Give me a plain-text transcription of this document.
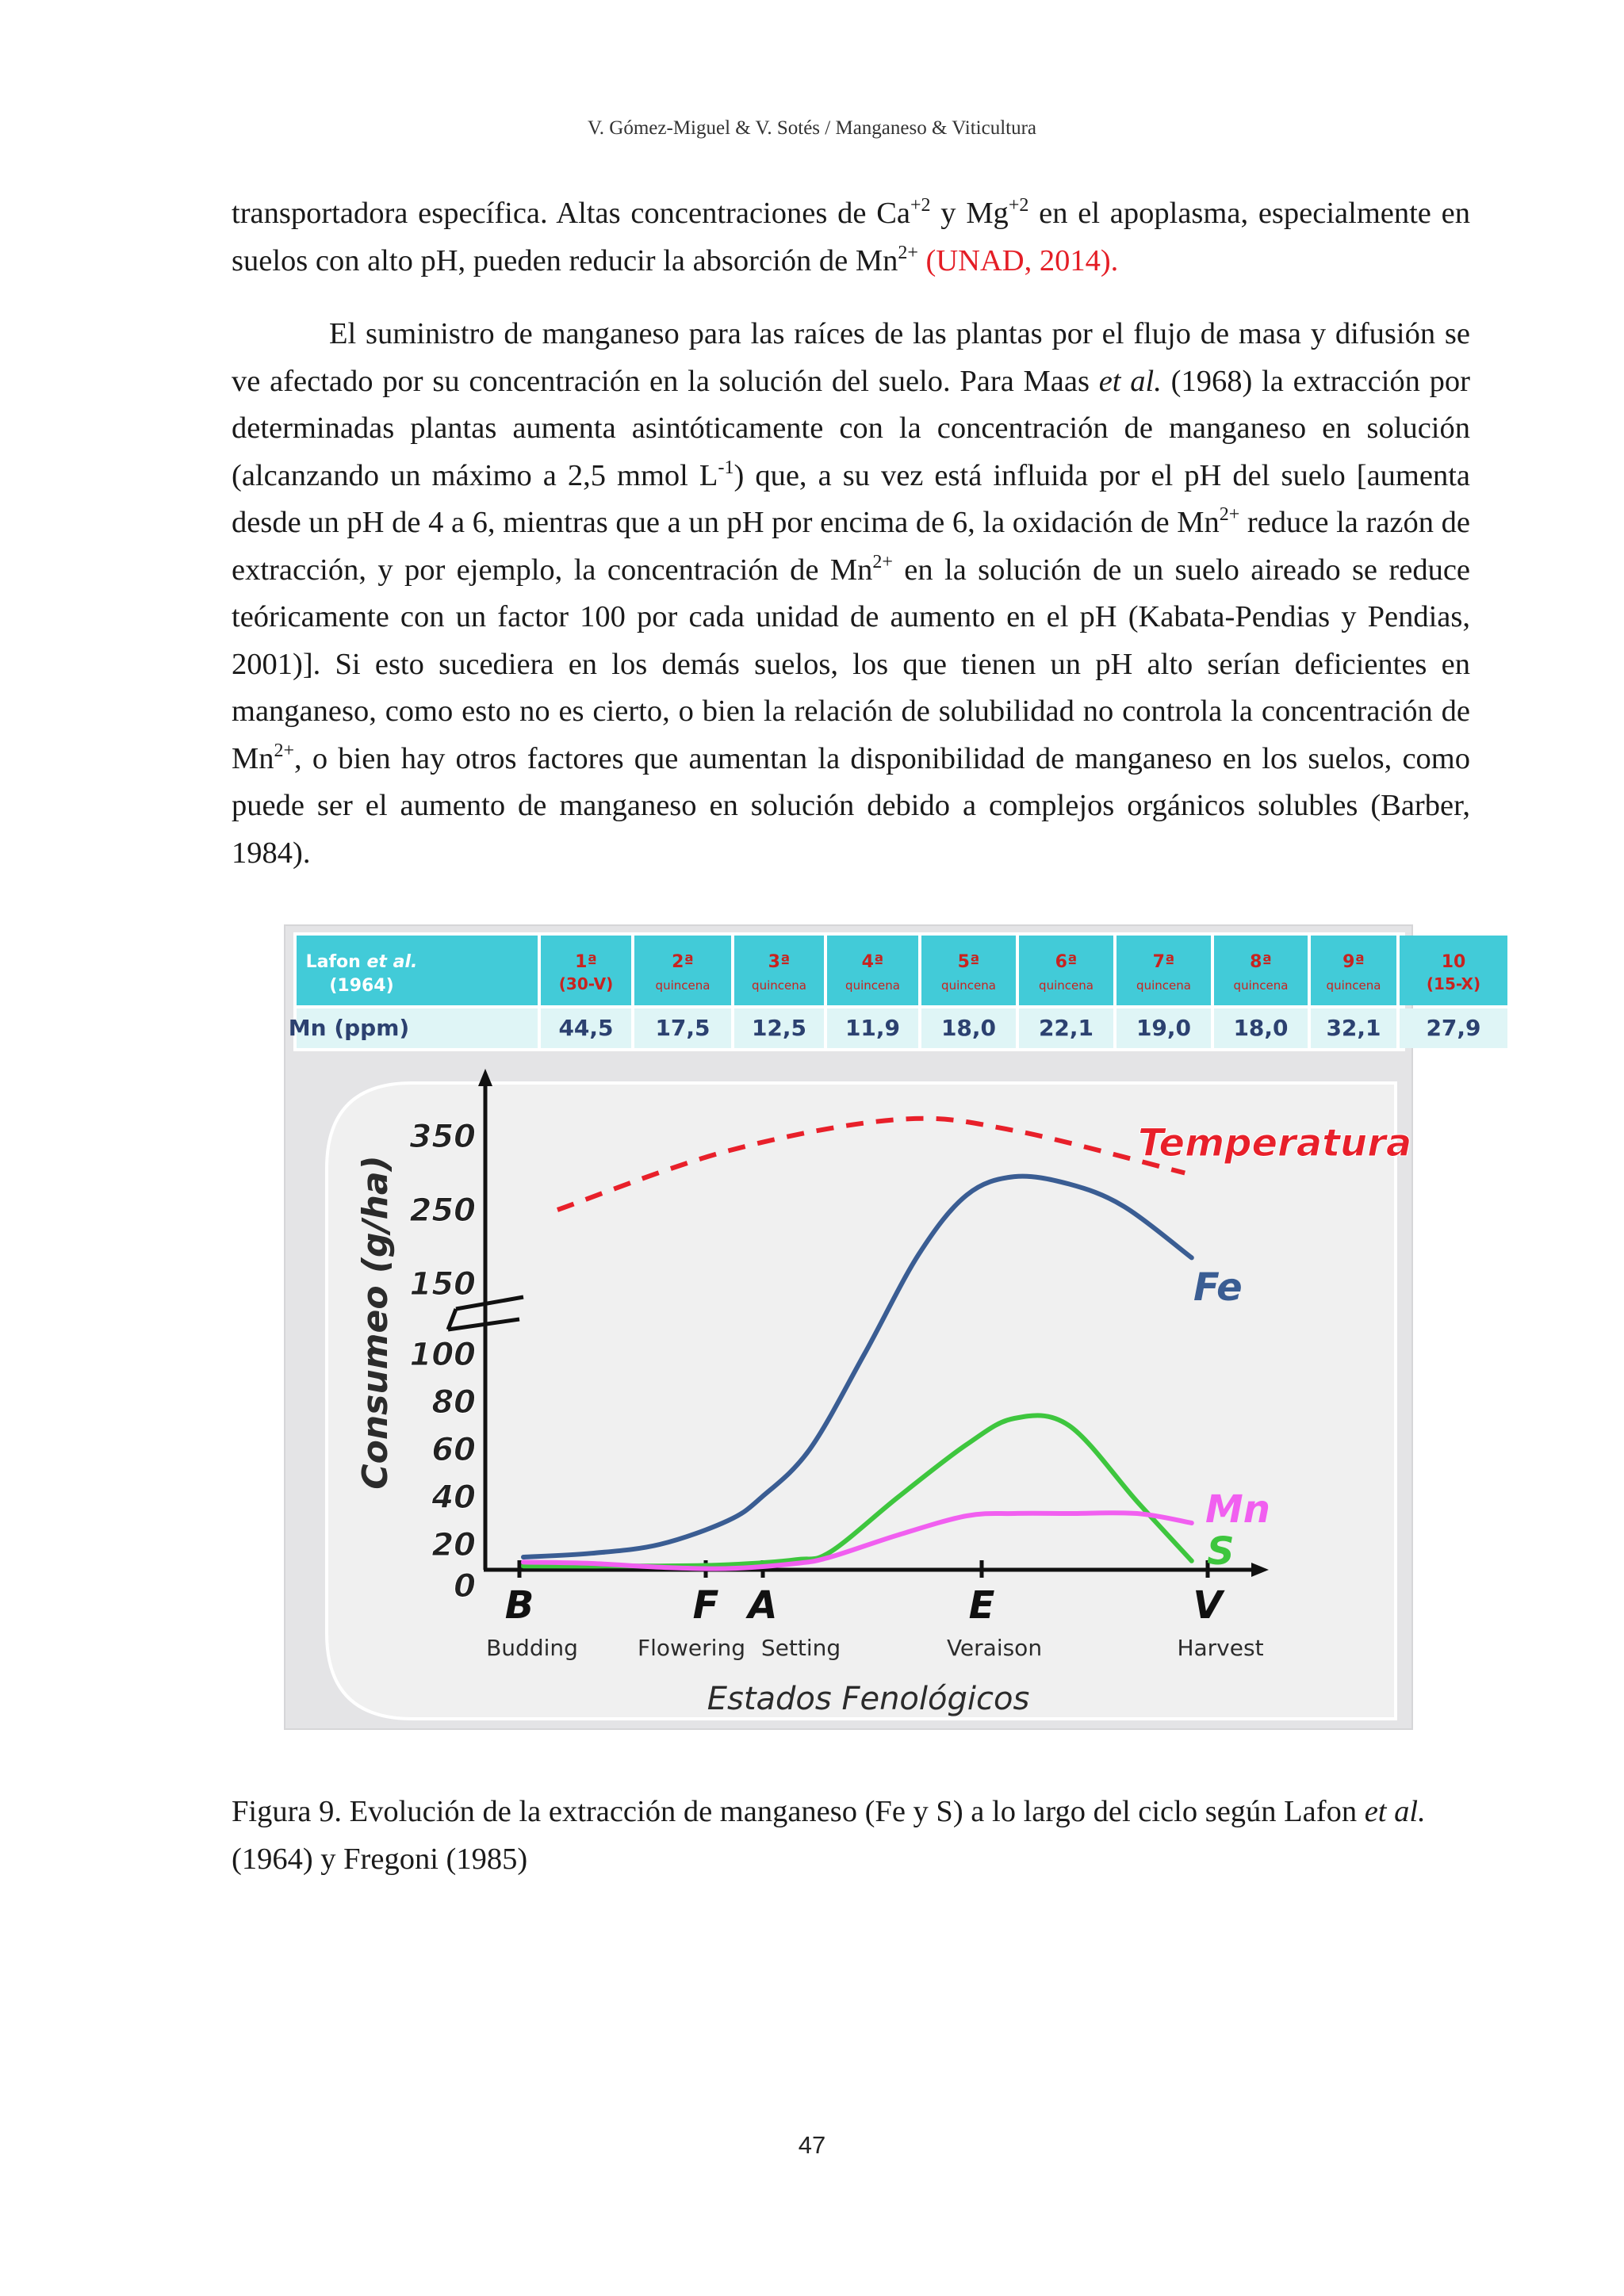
V. Gómez-Miguel & V. Sotés / Manganeso & Viticultura

transportadora específica. Altas concentraciones de $Ca^{+2}$ y $Mg^{+2}$ en el apoplasma, especialmente en suelos con alto pH, pueden reducir la absorción de $Mn^{2+}$ (UNAD, 2014).

El suministro de manganeso para las raíces de las plantas por el flujo de masa y difusión se ve afectado por su concentración en la solución del suelo. Para Maas et al. (1968) la extracción por determinadas plantas aumenta asintóticamente con la concentración de manganeso en solución (alcanzando un máximo a 2,5 mmol $L^{-1}$) que, a su vez está influida por el pH del suelo [aumenta desde un pH de 4 a 6, mientras que a un pH por encima de 6, la oxidación de $Mn^{2+}$ reduce la razón de extracción, y por ejemplo, la concentración de $Mn^{2+}$ en la solución de un suelo aireado se reduce teóricamente con un factor 100 por cada unidad de aumento en el pH (Kabata-Pendias y Pendias, 2001)]. Si esto sucediera en los demás suelos, los que tienen un pH alto serían deficientes en manganeso, como esto no es cierto, o bien la relación de solubilidad no controla la concentración de $Mn^{2+}$, o bien hay otros factores que aumentan la disponibilidad de manganeso en los suelos, como puede ser el aumento de manganeso en solución debido a complejos orgánicos solubles (Barber, 1984).

Lafon et al.
(1964)
Mn (ppm)
1ª
(30-V)
44,5
2ª
quincena
17,5
3ª
quincena
12,5
4ª
quincena
11,9
5ª
quincena
18,0
6ª
quincena
22,1
7ª
quincena
19,0
8ª
quincena
18,0
9ª
quincena
32,1
10
(15-X)
27,9
350
250
150
100
80
60
40
20
0
Consumeo (g/ha)
B
Budding
F
Flowering
A
Setting
E
Veraison
V
Harvest
Estados Fenológicos
Temperatura
Fe
Mn
S

Figura 9. Evolución de la extracción de manganeso (Fe y S) a lo largo del ciclo según Lafon et al. (1964) y Fregoni (1985)

47
